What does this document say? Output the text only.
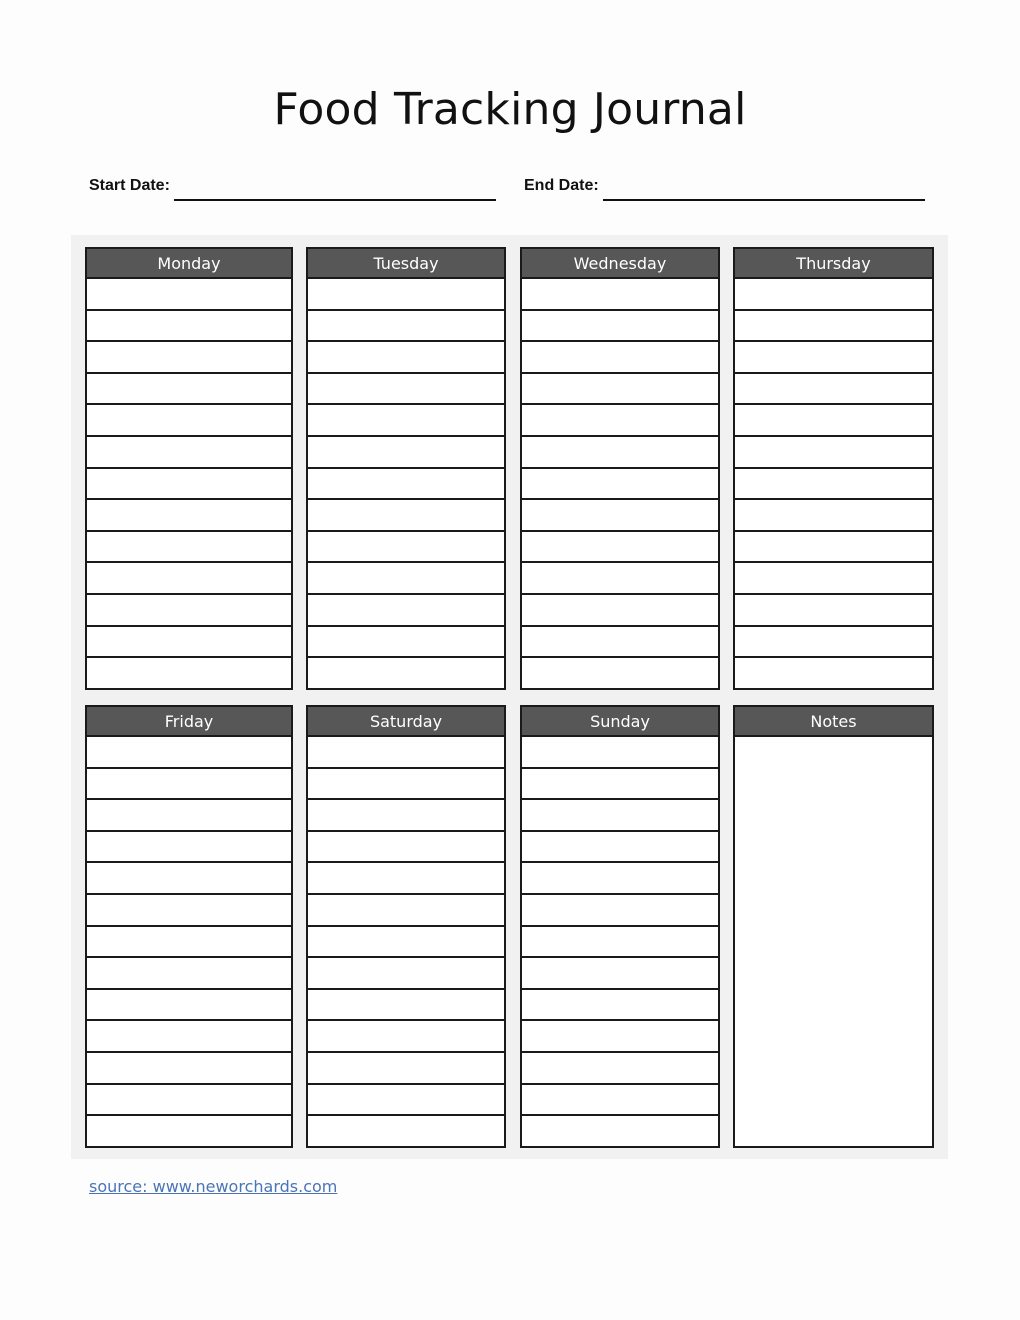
Food Tracking Journal
Start Date:	End Date:
Monday	Tuesday	Wednesday	Thursday
Friday	Saturday	Sunday	Notes
source: www.neworchards.com
